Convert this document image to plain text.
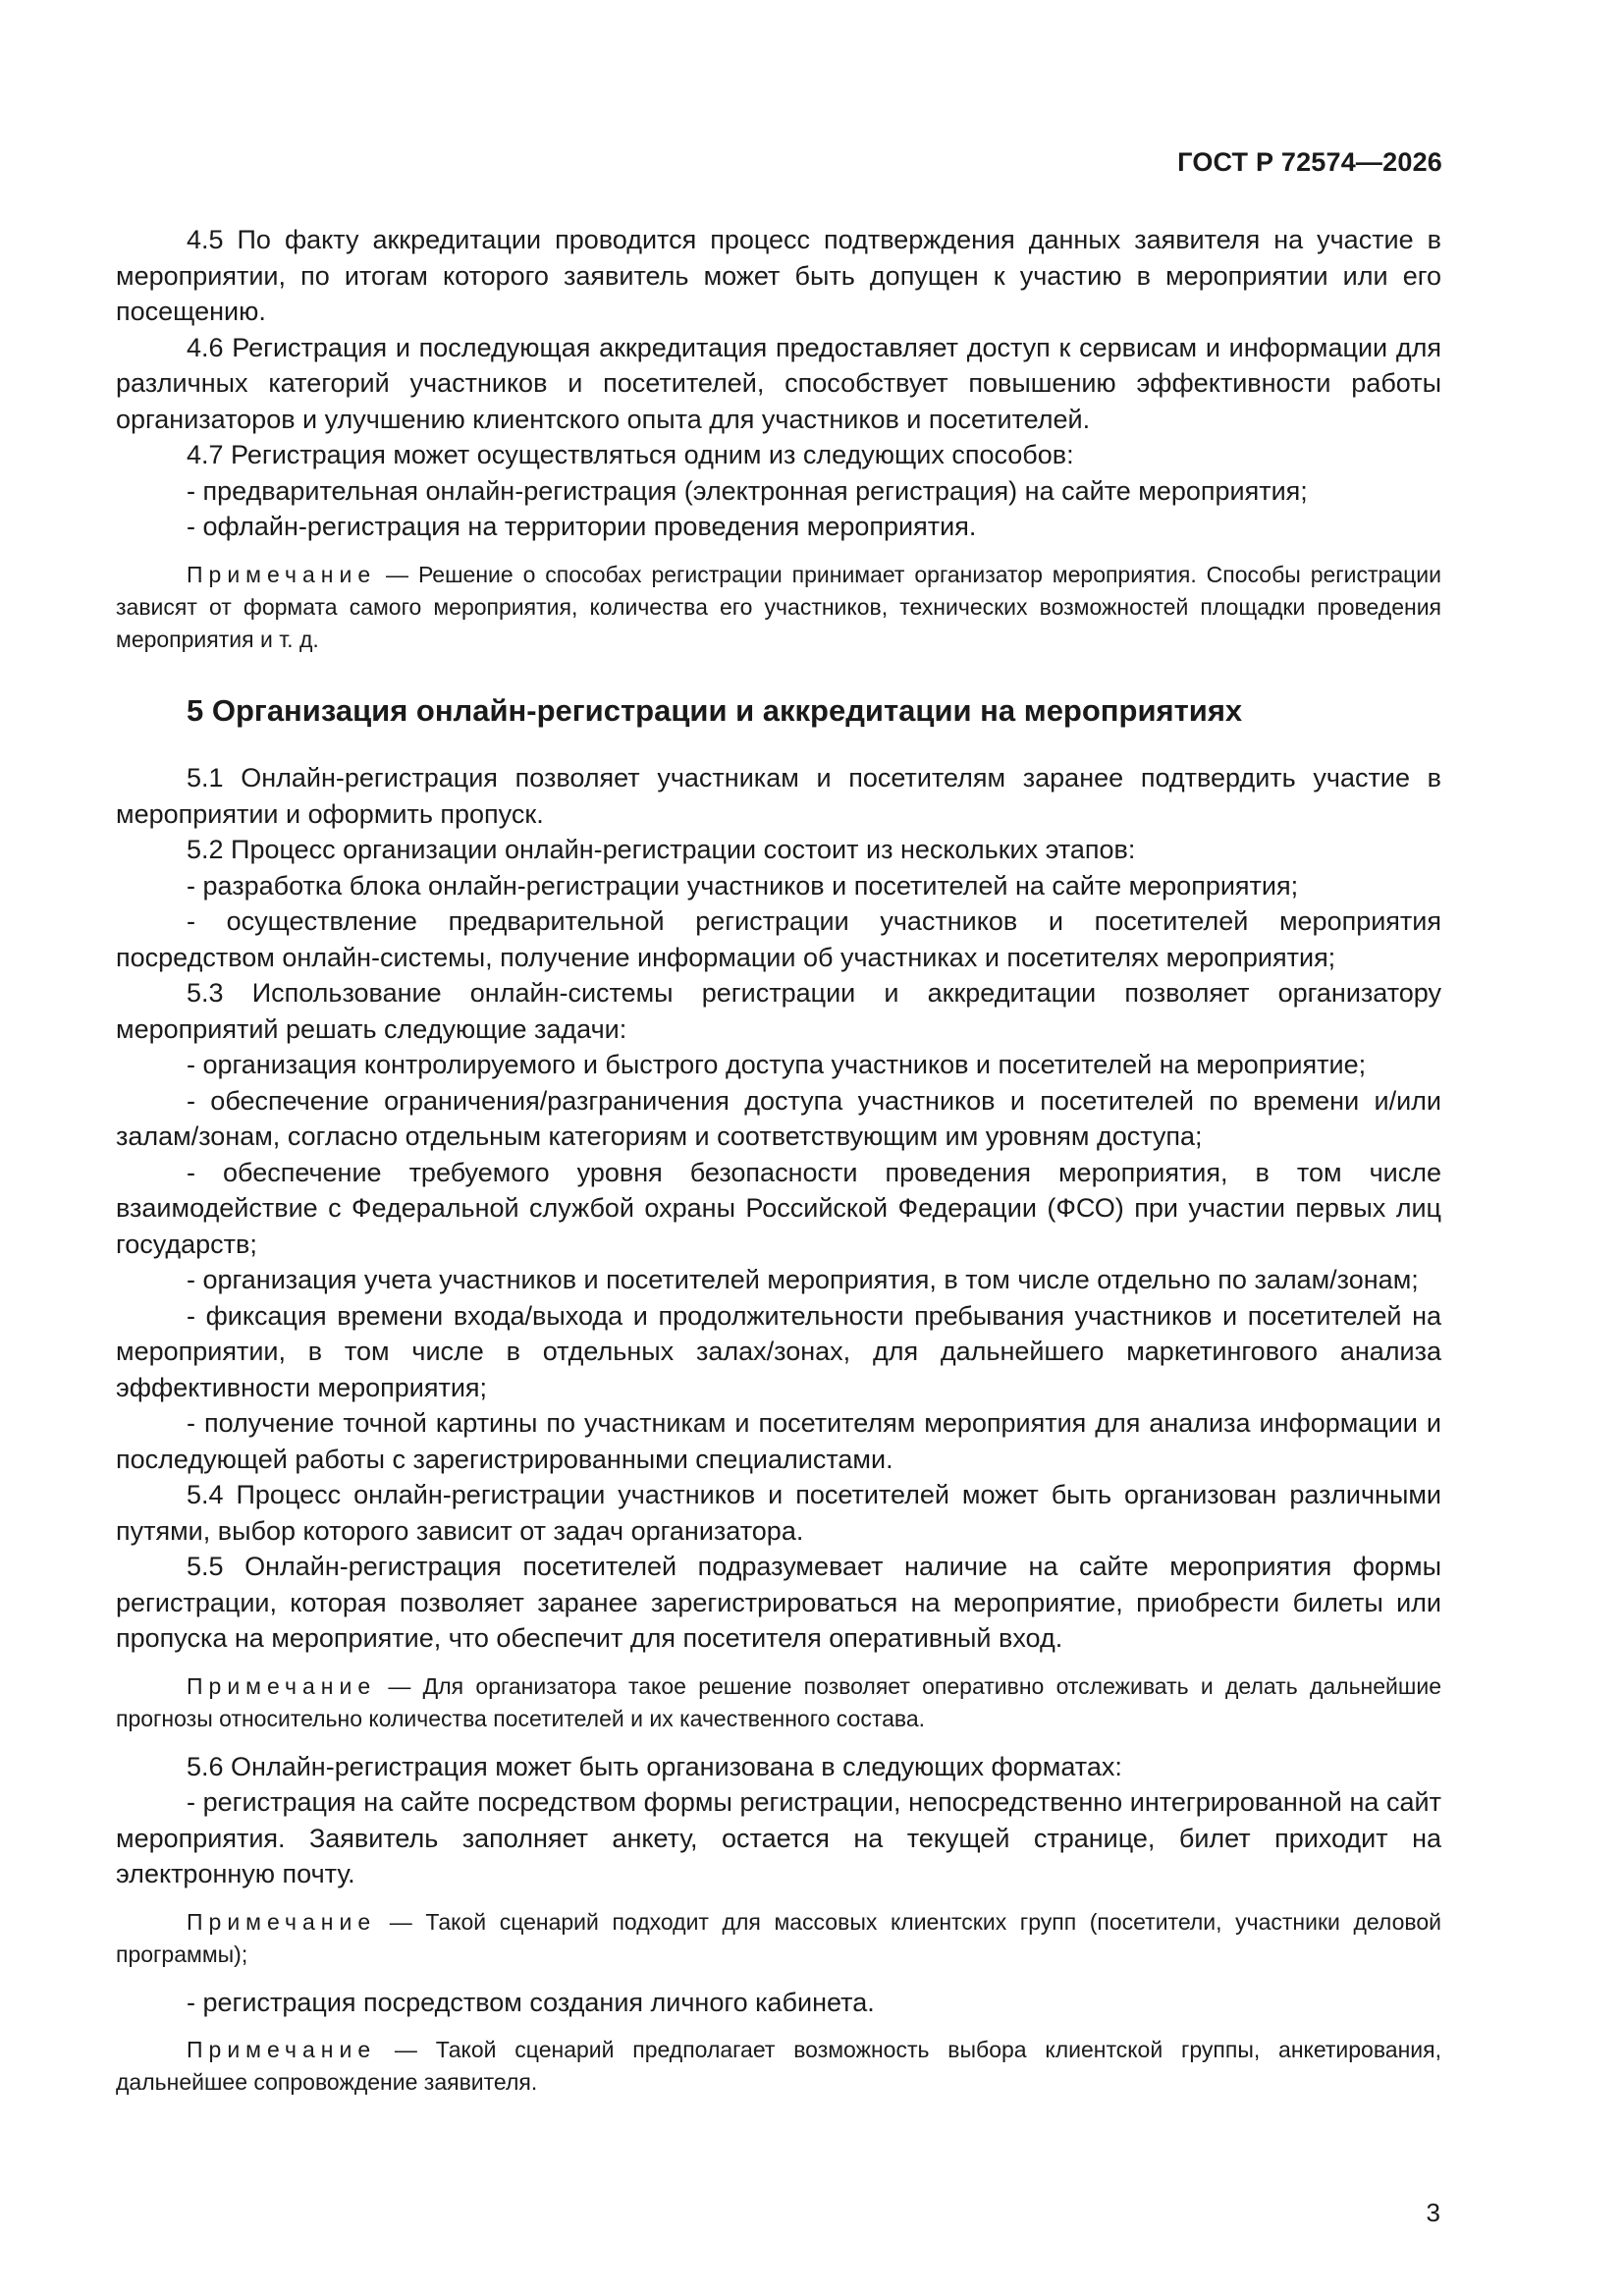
ГОСТ Р 72574—2026

4.5 По факту аккредитации проводится процесс подтверждения данных заявителя на участие в мероприятии, по итогам которого заявитель может быть допущен к участию в мероприятии или его посещению.

4.6 Регистрация и последующая аккредитация предоставляет доступ к сервисам и информации для различных категорий участников и посетителей, способствует повышению эффективности работы организаторов и улучшению клиентского опыта для участников и посетителей.

4.7 Регистрация может осуществляться одним из следующих способов:

- предварительная онлайн-регистрация (электронная регистрация) на сайте мероприятия;

- офлайн-регистрация на территории проведения мероприятия.

Примечание — Решение о способах регистрации принимает организатор мероприятия. Способы регистрации зависят от формата самого мероприятия, количества его участников, технических возможностей площадки проведения мероприятия и т. д.

5 Организация онлайн-регистрации и аккредитации на мероприятиях

5.1 Онлайн-регистрация позволяет участникам и посетителям заранее подтвердить участие в мероприятии и оформить пропуск.

5.2 Процесс организации онлайн-регистрации состоит из нескольких этапов:

- разработка блока онлайн-регистрации участников и посетителей на сайте мероприятия;

- осуществление предварительной регистрации участников и посетителей мероприятия посредством онлайн-системы, получение информации об участниках и посетителях мероприятия;

5.3 Использование онлайн-системы регистрации и аккредитации позволяет организатору мероприятий решать следующие задачи:

- организация контролируемого и быстрого доступа участников и посетителей на мероприятие;

- обеспечение ограничения/разграничения доступа участников и посетителей по времени и/или залам/зонам, согласно отдельным категориям и соответствующим им уровням доступа;

- обеспечение требуемого уровня безопасности проведения мероприятия, в том числе взаимодействие с Федеральной службой охраны Российской Федерации (ФСО) при участии первых лиц государств;

- организация учета участников и посетителей мероприятия, в том числе отдельно по залам/зонам;

- фиксация времени входа/выхода и продолжительности пребывания участников и посетителей на мероприятии, в том числе в отдельных залах/зонах, для дальнейшего маркетингового анализа эффективности мероприятия;

- получение точной картины по участникам и посетителям мероприятия для анализа информации и последующей работы с зарегистрированными специалистами.

5.4 Процесс онлайн-регистрации участников и посетителей может быть организован различными путями, выбор которого зависит от задач организатора.

5.5 Онлайн-регистрация посетителей подразумевает наличие на сайте мероприятия формы регистрации, которая позволяет заранее зарегистрироваться на мероприятие, приобрести билеты или пропуска на мероприятие, что обеспечит для посетителя оперативный вход.

Примечание — Для организатора такое решение позволяет оперативно отслеживать и делать дальнейшие прогнозы относительно количества посетителей и их качественного состава.

5.6 Онлайн-регистрация может быть организована в следующих форматах:

- регистрация на сайте посредством формы регистрации, непосредственно интегрированной на сайт мероприятия. Заявитель заполняет анкету, остается на текущей странице, билет приходит на электронную почту.

Примечание — Такой сценарий подходит для массовых клиентских групп (посетители, участники деловой программы);

- регистрация посредством создания личного кабинета.

Примечание — Такой сценарий предполагает возможность выбора клиентской группы, анкетирования, дальнейшее сопровождение заявителя.

3
